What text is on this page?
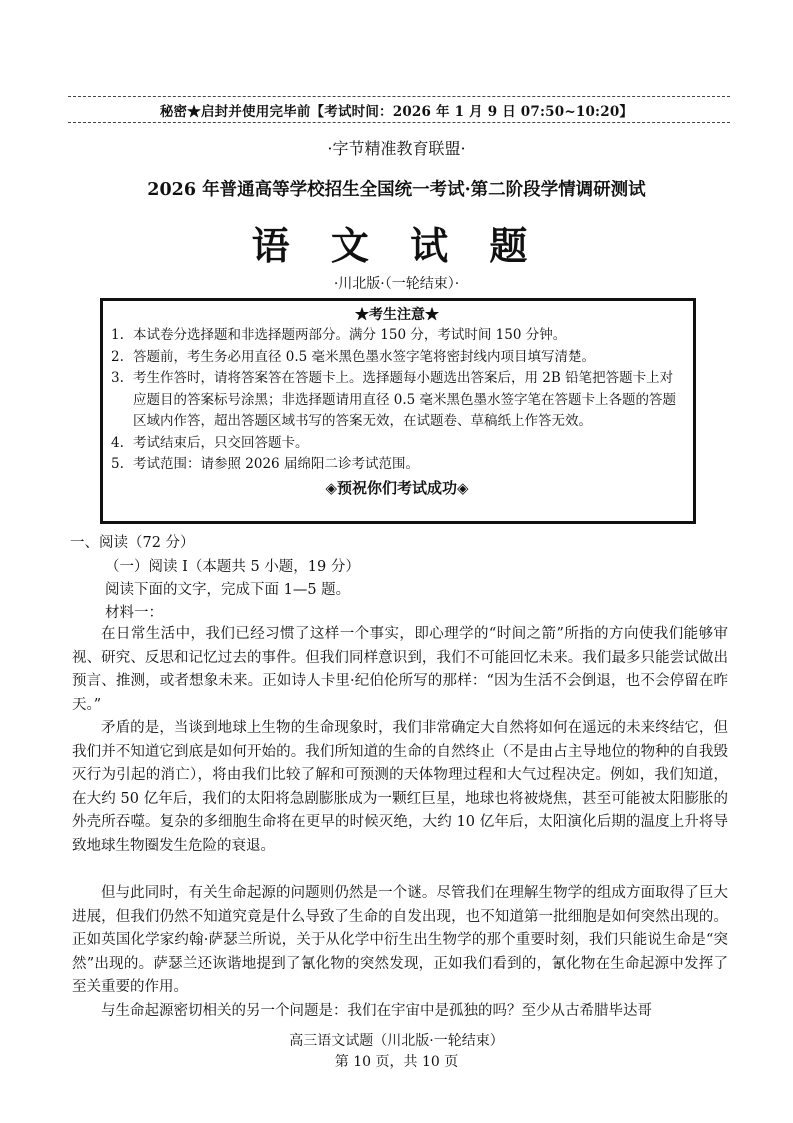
秘密★启封并使用完毕前【考试时间：2026 年 1 月 9 日 07:50~10:20】
·字节精准教育联盟·
2026 年普通高等学校招生全国统一考试·第二阶段学情调研测试
语 文 试 题
·川北版·（一轮结束）·
★考生注意★
1. 本试卷分选择题和非选择题两部分。满分 150 分，考试时间 150 分钟。
2. 答题前，考生务必用直径 0.5 毫米黑色墨水签字笔将密封线内项目填写清楚。
3. 考生作答时，请将答案答在答题卡上。选择题每小题选出答案后，用 2B 铅笔把答题卡上对应题目的答案标号涂黑；非选择题请用直径 0.5 毫米黑色墨水签字笔在答题卡上各题的答题区域内作答，超出答题区域书写的答案无效，在试题卷、草稿纸上作答无效。
4. 考试结束后，只交回答题卡。
5. 考试范围：请参照 2026 届绵阳二诊考试范围。
◈预祝你们考试成功◈
一、阅读（72 分）
（一）阅读 I（本题共 5 小题，19 分）
阅读下面的文字，完成下面 1—5 题。
材料一：
在日常生活中，我们已经习惯了这样一个事实，即心理学的“时间之箭”所指的方向使我们能够审视、研究、反思和记忆过去的事件。但我们同样意识到，我们不可能回忆未来。我们最多只能尝试做出预言、推测，或者想象未来。正如诗人卡里·纪伯伦所写的那样：“因为生活不会倒退，也不会停留在昨天。”
矛盾的是，当谈到地球上生物的生命现象时，我们非常确定大自然将如何在遥远的未来终结它，但我们并不知道它到底是如何开始的。我们所知道的生命的自然终止（不是由占主导地位的物种的自我毁灭行为引起的消亡），将由我们比较了解和可预测的天体物理过程和大气过程决定。例如，我们知道，在大约 50 亿年后，我们的太阳将急剧膨胀成为一颗红巨星，地球也将被烧焦，甚至可能被太阳膨胀的外壳所吞噬。复杂的多细胞生命将在更早的时候灭绝，大约 10 亿年后，太阳演化后期的温度上升将导致地球生物圈发生危险的衰退。
但与此同时，有关生命起源的问题则仍然是一个谜。尽管我们在理解生物学的组成方面取得了巨大进展，但我们仍然不知道究竟是什么导致了生命的自发出现，也不知道第一批细胞是如何突然出现的。正如英国化学家约翰·萨瑟兰所说，关于从化学中衍生出生物学的那个重要时刻，我们只能说生命是“突然”出现的。萨瑟兰还诙谐地提到了氰化物的突然发现，正如我们看到的，氰化物在生命起源中发挥了至关重要的作用。
与生命起源密切相关的另一个问题是：我们在宇宙中是孤独的吗？至少从古希腊毕达哥
高三语文试题（川北版·一轮结束）
第 10 页，共 10 页
